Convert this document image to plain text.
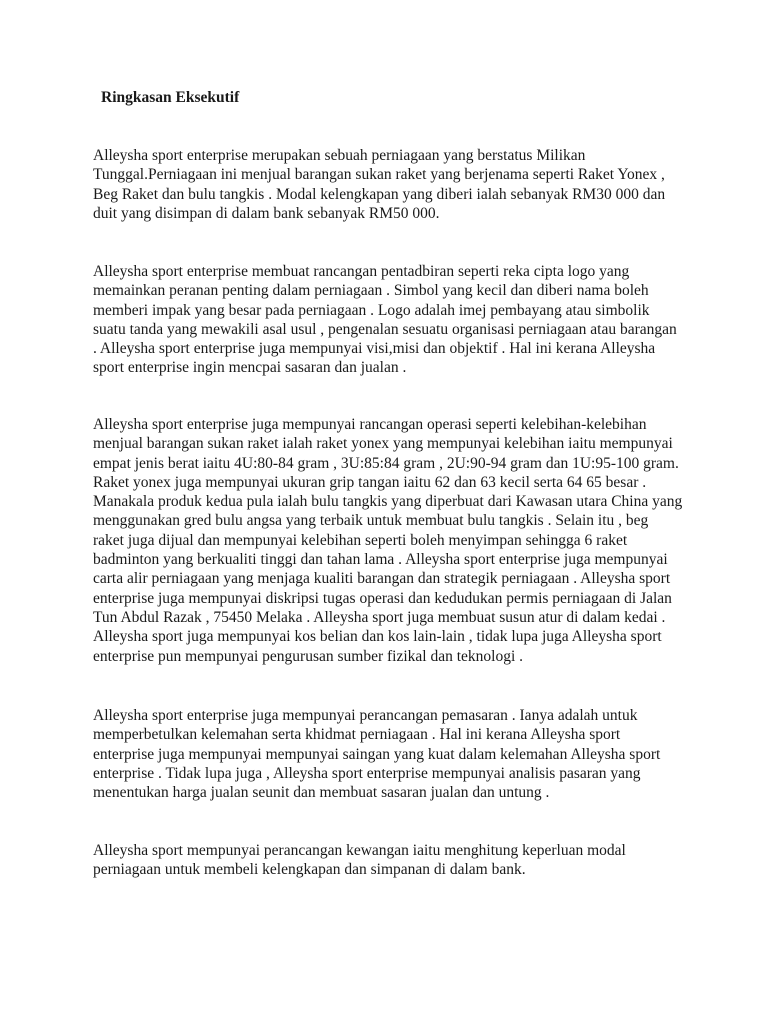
Ringkasan Eksekutif

Alleysha sport enterprise merupakan sebuah perniagaan yang berstatus Milikan Tunggal.Perniagaan ini menjual barangan sukan raket yang berjenama seperti Raket Yonex , Beg Raket dan bulu tangkis . Modal kelengkapan yang diberi ialah sebanyak RM30 000 dan duit yang disimpan di dalam bank sebanyak RM50 000.

Alleysha sport enterprise membuat rancangan pentadbiran seperti reka cipta logo yang memainkan peranan penting dalam perniagaan . Simbol yang kecil dan diberi nama boleh memberi impak yang besar pada perniagaan . Logo adalah imej pembayang atau simbolik suatu tanda yang mewakili asal usul , pengenalan sesuatu organisasi perniagaan atau barangan . Alleysha sport enterprise juga mempunyai visi,misi dan objektif . Hal ini kerana Alleysha sport enterprise ingin mencpai sasaran dan jualan .

Alleysha sport enterprise juga mempunyai rancangan operasi seperti kelebihan-kelebihan menjual barangan sukan raket ialah raket yonex yang mempunyai kelebihan iaitu mempunyai empat jenis berat iaitu 4U:80-84 gram , 3U:85:84 gram , 2U:90-94 gram dan 1U:95-100 gram. Raket yonex juga mempunyai ukuran grip tangan iaitu 62 dan 63 kecil serta 64 65 besar . Manakala produk kedua pula ialah bulu tangkis yang diperbuat dari Kawasan utara China yang menggunakan gred bulu angsa yang terbaik untuk membuat bulu tangkis . Selain itu , beg raket juga dijual dan mempunyai kelebihan seperti boleh menyimpan sehingga 6 raket badminton yang berkualiti tinggi dan tahan lama . Alleysha sport enterprise juga mempunyai carta alir perniagaan yang menjaga kualiti barangan dan strategik perniagaan . Alleysha sport enterprise juga mempunyai diskripsi tugas operasi dan kedudukan permis perniagaan di Jalan Tun Abdul Razak , 75450 Melaka . Alleysha sport juga membuat susun atur di dalam kedai . Alleysha sport juga mempunyai kos belian dan kos lain-lain , tidak lupa juga Alleysha sport enterprise pun mempunyai pengurusan sumber fizikal dan teknologi .

Alleysha sport enterprise juga mempunyai perancangan pemasaran . Ianya adalah untuk memperbetulkan kelemahan serta khidmat perniagaan . Hal ini kerana Alleysha sport enterprise juga mempunyai mempunyai saingan yang kuat dalam kelemahan Alleysha sport enterprise . Tidak lupa juga , Alleysha sport enterprise mempunyai analisis pasaran yang menentukan harga jualan seunit dan membuat sasaran jualan dan untung .

Alleysha sport mempunyai perancangan kewangan iaitu menghitung keperluan modal perniagaan untuk membeli kelengkapan dan simpanan di dalam bank.
